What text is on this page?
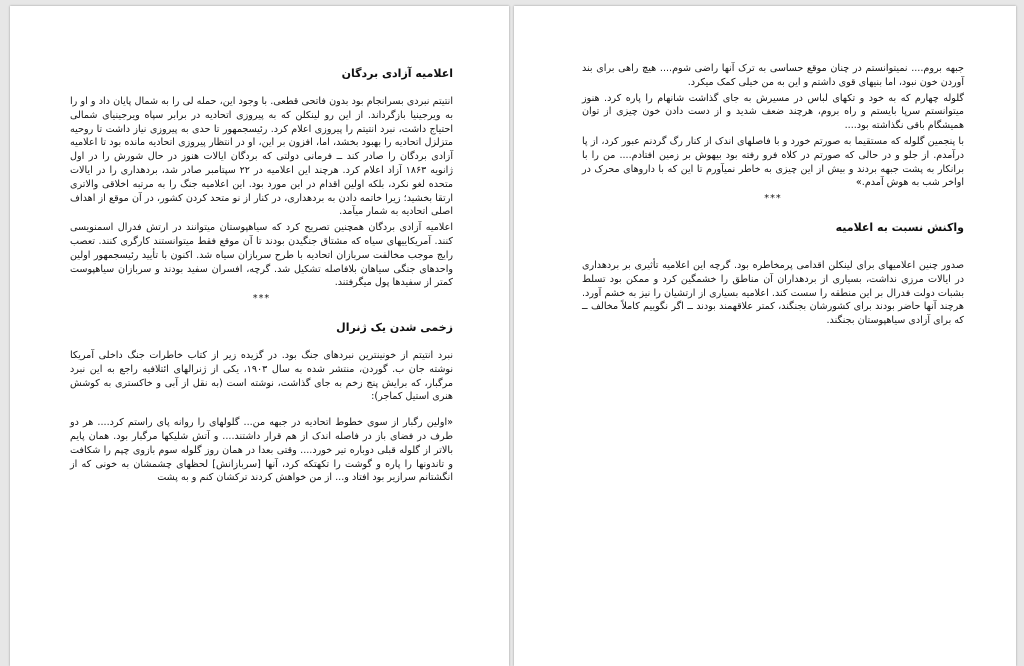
اعلامیه آزادی بردگان

انتیتم نبردی بسرانجام بود بدون فاتحی قطعی. با وجود این، حمله لی را به شمال پایان داد و او را به ویرجینیا بازگرداند. از این رو لینکلن که به پیروزی اتحادیه در برابر سپاه ویرجینیای شمالی احتیاج داشت، نبرد انتیتم را پیروزی اعلام کرد. رئیسجمهور تا حدی به پیروزی نیاز داشت تا روحیه متزلزل اتحادیه را بهبود بخشد، اما، افزون بر این، او در انتظار پیروزی اتحادیه مانده بود تا اعلامیه آزادی بردگان را صادر کند ــ فرمانی دولتی که بردگان ایالات هنوز در حال شورش را در اول ژانویه ۱۸۶۳ آزاد اعلام کرد. هرچند این اعلامیه در ۲۲ سپتامبر صادر شد، بردهداری را در ایالات متحده لغو نکرد، بلکه اولین اقدام در این مورد بود. این اعلامیه جنگ را به مرتبه اخلاقی والاتری ارتقا بخشید؛ زیرا خاتمه دادن به بردهداری، در کنار از نو متحد کردن کشور، در آن موقع از اهداف اصلی اتحادیه به شمار میآمد.

اعلامیه آزادی بردگان همچنین تصریح کرد که سیاهپوستان میتوانند در ارتش فدرال اسمنویسی کنند. آمریکاییهای سیاه که مشتاق جنگیدن بودند تا آن موقع فقط میتوانستند کارگری کنند. تعصب رایج موجب مخالفت سربازان اتحادیه با طرح سربازان سیاه شد. اکنون با تأیید رئیسجمهور اولین واحدهای جنگی سیاهان بلافاصله تشکیل شد. گرچه، افسران سفید بودند و سربازان سیاهپوست کمتر از سفیدها پول میگرفتند.

***
زخمی شدن یک ژنرال

نبرد انتیتم از خونینترین نبردهای جنگ بود. در گزیده زیر از کتاب خاطرات جنگ داخلی آمریکا نوشته جان ب. گوردن، منتشر شده به سال ۱۹۰۳، یکی از ژنرالهای ائتلافیه راجع به این نبرد مرگبار، که برایش پنج زخم به جای گذاشت، نوشته است (به نقل از آبی و خاکستری به کوشش هنری استیل کماجر):

«اولین رگبار از سوی خطوط اتحادیه در جبهه من... گلولهای را روانه پای راستم کرد.... هر دو طرف در فضای باز در فاصله اندک از هم قرار داشتند.... و آتش شلیکها مرگبار بود. همان پایم بالاتر از گلوله قبلی دوباره تیر خورد.... وقتی بعدا در همان روز گلوله سوم بازوی چپم را شکافت و تاندونها را پاره و گوشت را تکهتکه کرد، آنها [سربازانش] لحظهای چشمشان به خونی که از انگشتانم سرازیر بود افتاد و... از من خواهش کردند ترکشان کنم و به پشت

جبهه بروم.... نمیتوانستم در چنان موقع حساسی به ترک آنها راضی شوم.... هیچ راهی برای بند آوردن خون نبود، اما بنیهای قوی داشتم و این به من خیلی کمک میکرد.

گلوله چهارم که به خود و تکهای لباس در مسیرش به جای گذاشت شانهام را پاره کرد. هنوز میتوانستم سرپا بایستم و راه بروم، هرچند ضعف شدید و از دست دادن خون چیزی از توان همیشگام باقی نگذاشته بود....

با پنجمین گلوله که مستقیما به صورتم خورد و با فاصلهای اندک از کنار رگ گردنم عبور کرد، از پا درآمدم. از جلو و در حالی که صورتم در کلاه فرو رفته بود بیهوش بر زمین افتادم.... من را با برانکار به پشت جبهه بردند و بیش از این چیزی به خاطر نمیآورم تا این که با داروهای محرک در اواخر شب به هوش آمدم.»

***
واکنش نسبت به اعلامیه

صدور چنین اعلامیهای برای لینکلن اقدامی پرمخاطره بود. گرچه این اعلامیه تأثیری بر بردهداری در ایالات مرزی نداشت، بسیاری از بردهداران آن مناطق را خشمگین کرد و ممکن بود تسلط بشبات دولت فدرال بر این منطقه را سست کند. اعلامیه بسیاری از ارتشیان را نیز به خشم آورد. هرچند آنها حاضر بودند برای کشورشان بجنگند، کمتر علاقهمند بودند ــ اگر نگوییم کاملاً مخالف ــ که برای آزادی سیاهپوستان بجنگند.
